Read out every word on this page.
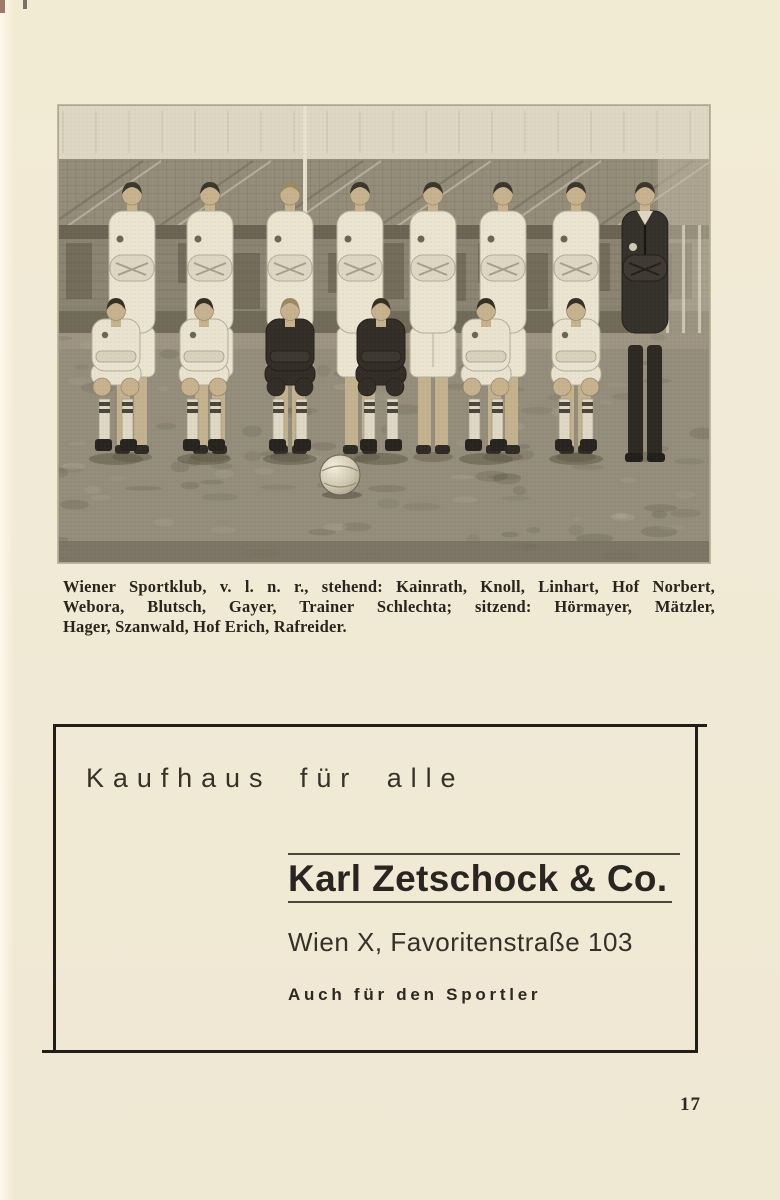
Wiener Sportklub, v. l. n. r., stehend: Kainrath, Knoll, Linhart, Hof Norbert,
Webora, Blutsch, Gayer, Trainer Schlechta; sitzend: Hörmayer, Mätzler,
Hager, Szanwald, Hof Erich, Rafreider.

Kaufhaus für alle
Karl Zetschock & Co.
Wien X, Favoritenstraße 103
Auch für den Sportler
17
